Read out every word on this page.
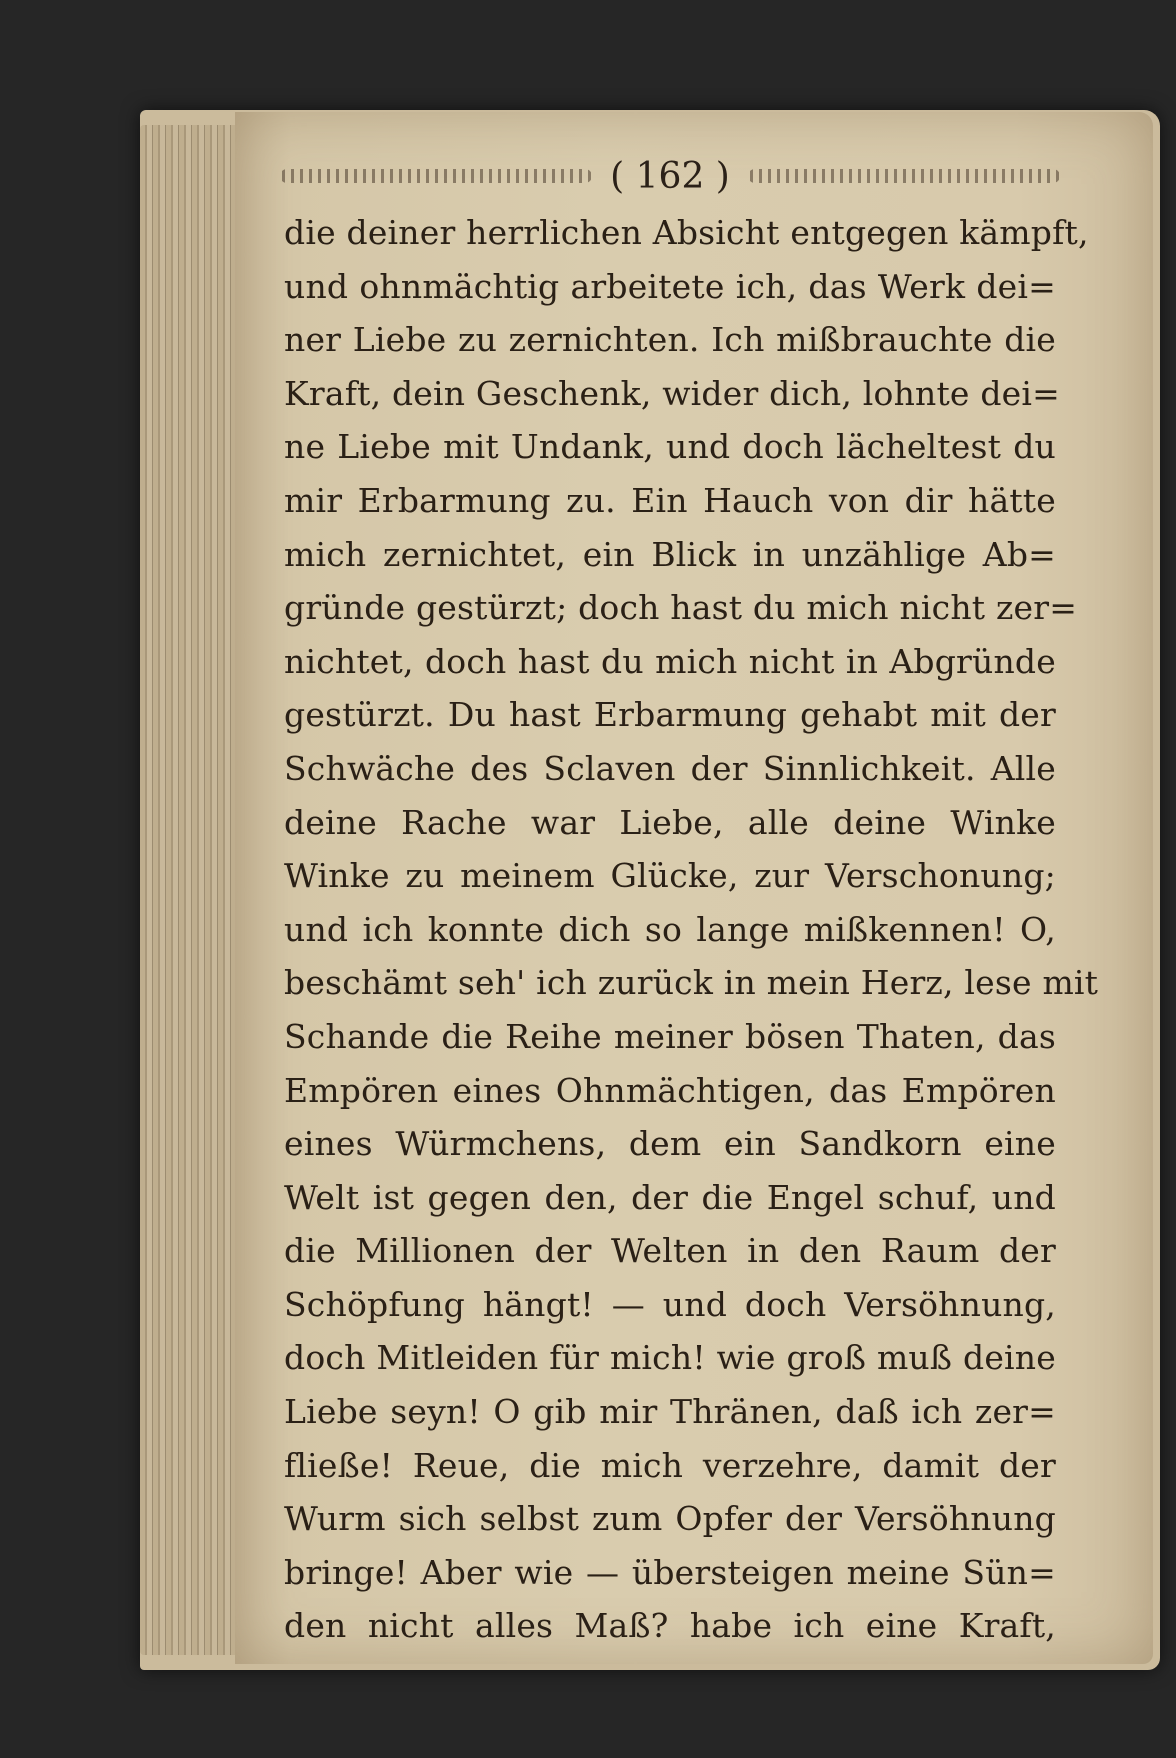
( 162 )
die deiner herrlichen Absicht entgegen kämpft,
und ohnmächtig arbeitete ich, das Werk dei=
ner Liebe zu zernichten. Ich mißbrauchte die
Kraft, dein Geschenk, wider dich, lohnte dei=
ne Liebe mit Undank, und doch lächeltest du
mir Erbarmung zu. Ein Hauch von dir hätte
mich zernichtet, ein Blick in unzählige Ab=
gründe gestürzt; doch hast du mich nicht zer=
nichtet, doch hast du mich nicht in Abgründe
gestürzt. Du hast Erbarmung gehabt mit der
Schwäche des Sclaven der Sinnlichkeit. Alle
deine Rache war Liebe, alle deine Winke
Winke zu meinem Glücke, zur Verschonung;
und ich konnte dich so lange mißkennen! O,
beschämt seh' ich zurück in mein Herz, lese mit
Schande die Reihe meiner bösen Thaten, das
Empören eines Ohnmächtigen, das Empören
eines Würmchens, dem ein Sandkorn eine
Welt ist gegen den, der die Engel schuf, und
die Millionen der Welten in den Raum der
Schöpfung hängt! — und doch Versöhnung,
doch Mitleiden für mich! wie groß muß deine
Liebe seyn! O gib mir Thränen, daß ich zer=
fließe! Reue, die mich verzehre, damit der
Wurm sich selbst zum Opfer der Versöhnung
bringe! Aber wie — übersteigen meine Sün=
den nicht alles Maß? habe ich eine Kraft,
